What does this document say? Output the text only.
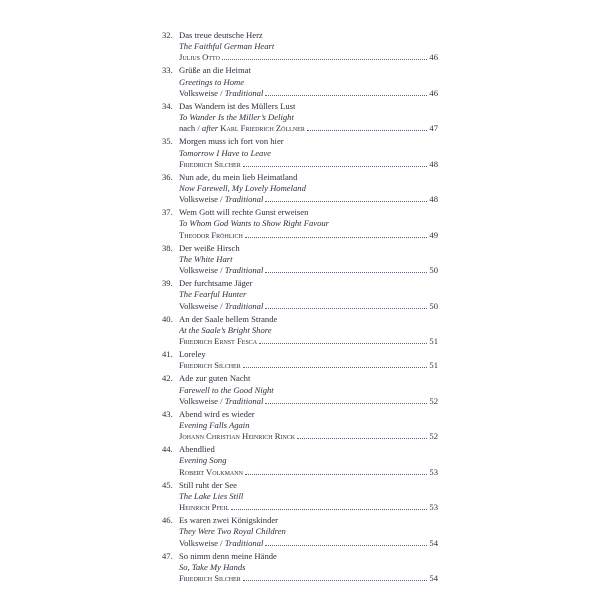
32. Das treue deutsche Herz
The Faithful German Heart
Julius Otto	46
33. Grüße an die Heimat
Greetings to Home
Volksweise / Traditional	46
34. Das Wandern ist des Müllers Lust
To Wander Is the Miller’s Delight
nach / after Karl Friedrich Zöllner	47
35. Morgen muss ich fort von hier
Tomorrow I Have to Leave
Friedrich Silcher	48
36. Nun ade, du mein lieb Heimatland
Now Farewell, My Lovely Homeland
Volksweise / Traditional	48
37. Wem Gott will rechte Gunst erweisen
To Whom God Wants to Show Right Favour
Theodor Fröhlich	49
38. Der weiße Hirsch
The White Hart
Volksweise / Traditional	50
39. Der furchtsame Jäger
The Fearful Hunter
Volksweise / Traditional	50
40. An der Saale hellem Strande
At the Saale’s Bright Shore
Friedrich Ernst Fesca	51
41. Loreley
Friedrich Silcher	51
42. Ade zur guten Nacht
Farewell to the Good Night
Volksweise / Traditional	52
43. Abend wird es wieder
Evening Falls Again
Johann Christian Heinrich Rinck	52
44. Abendlied
Evening Song
Robert Volkmann	53
45. Still ruht der See
The Lake Lies Still
Heinrich Pfeil	53
46. Es waren zwei Königskinder
They Were Two Royal Children
Volksweise / Traditional	54
47. So nimm denn meine Hände
So, Take My Hands
Friedrich Silcher	54
